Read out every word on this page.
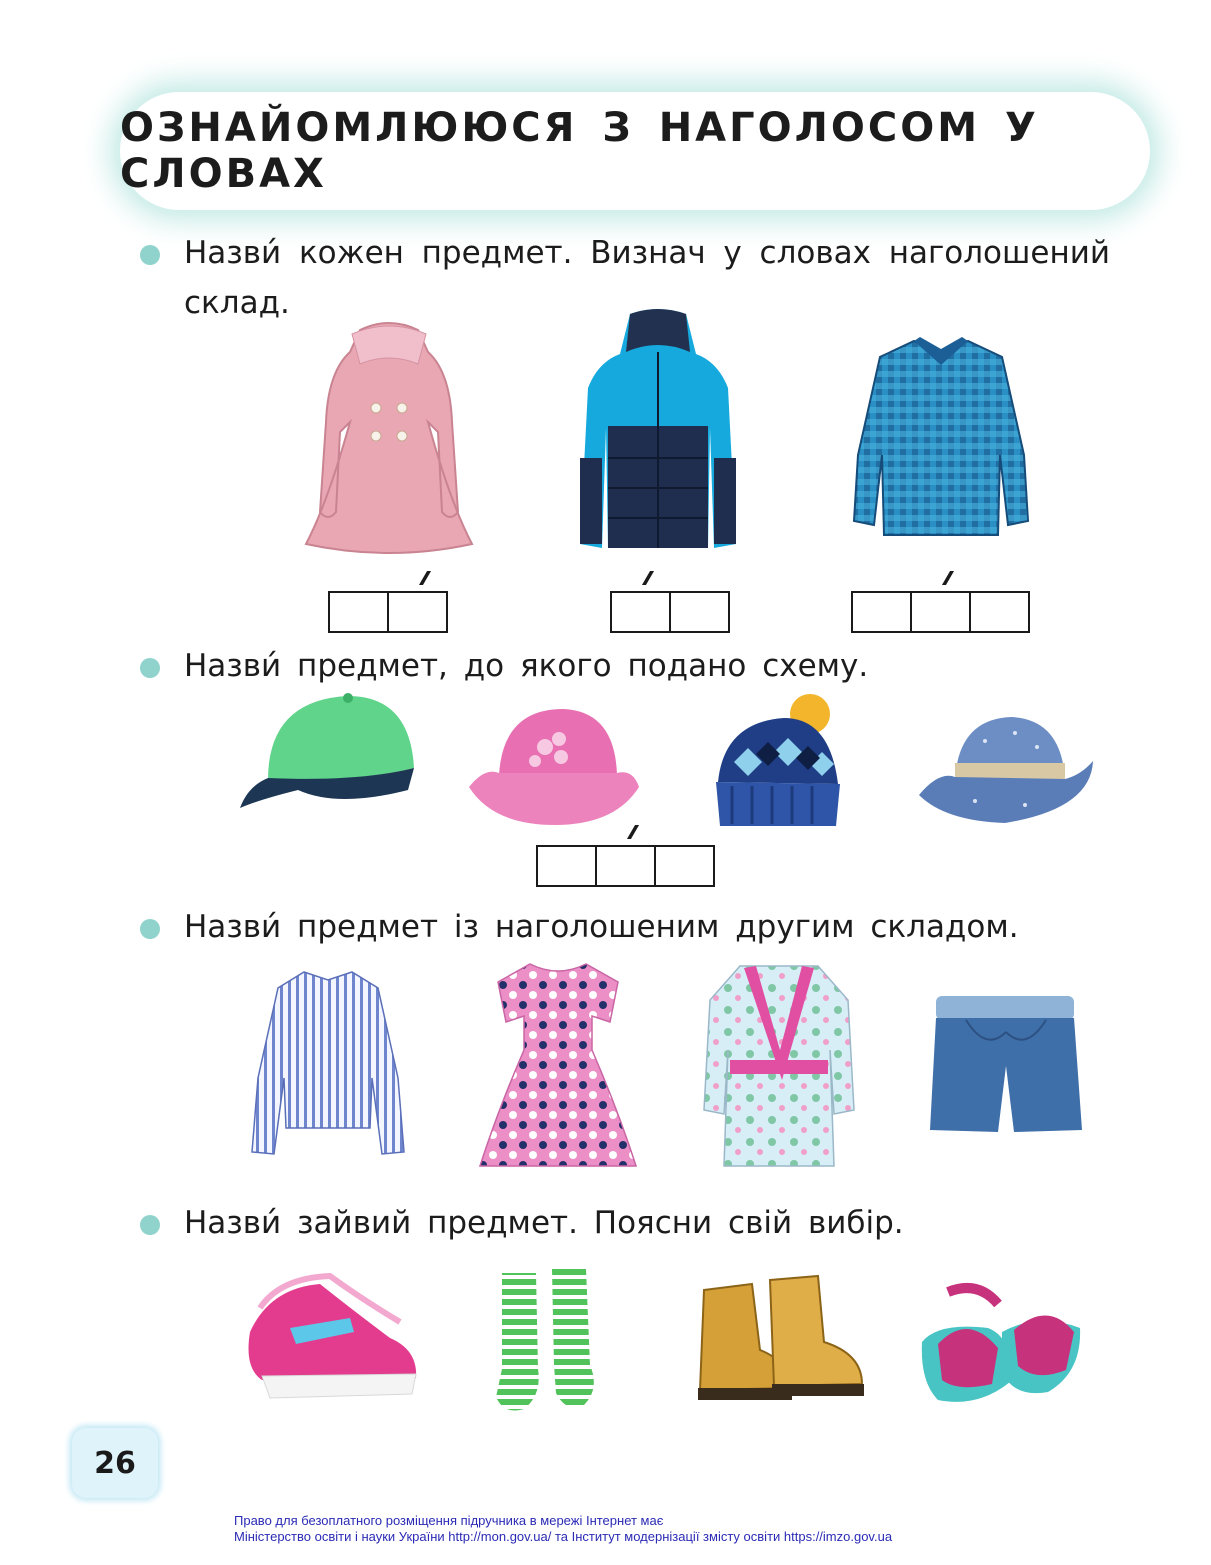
ОЗНАЙОМЛЮЮСЯ З НАГОЛОСОМ У СЛОВАХ
Назви́ кожен предмет. Визнач у словах наголошений склад.
Назви́ предмет, до якого подано схему.
Назви́ предмет із наголошеним другим складом.
Назви́ зайвий предмет. Поясни свій вибір.
26
Право для безоплатного розміщення підручника в мережі Інтернет має
Міністерство освіти і науки України http://mon.gov.ua/ та Інститут модернізації змісту освіти https://imzo.gov.ua
